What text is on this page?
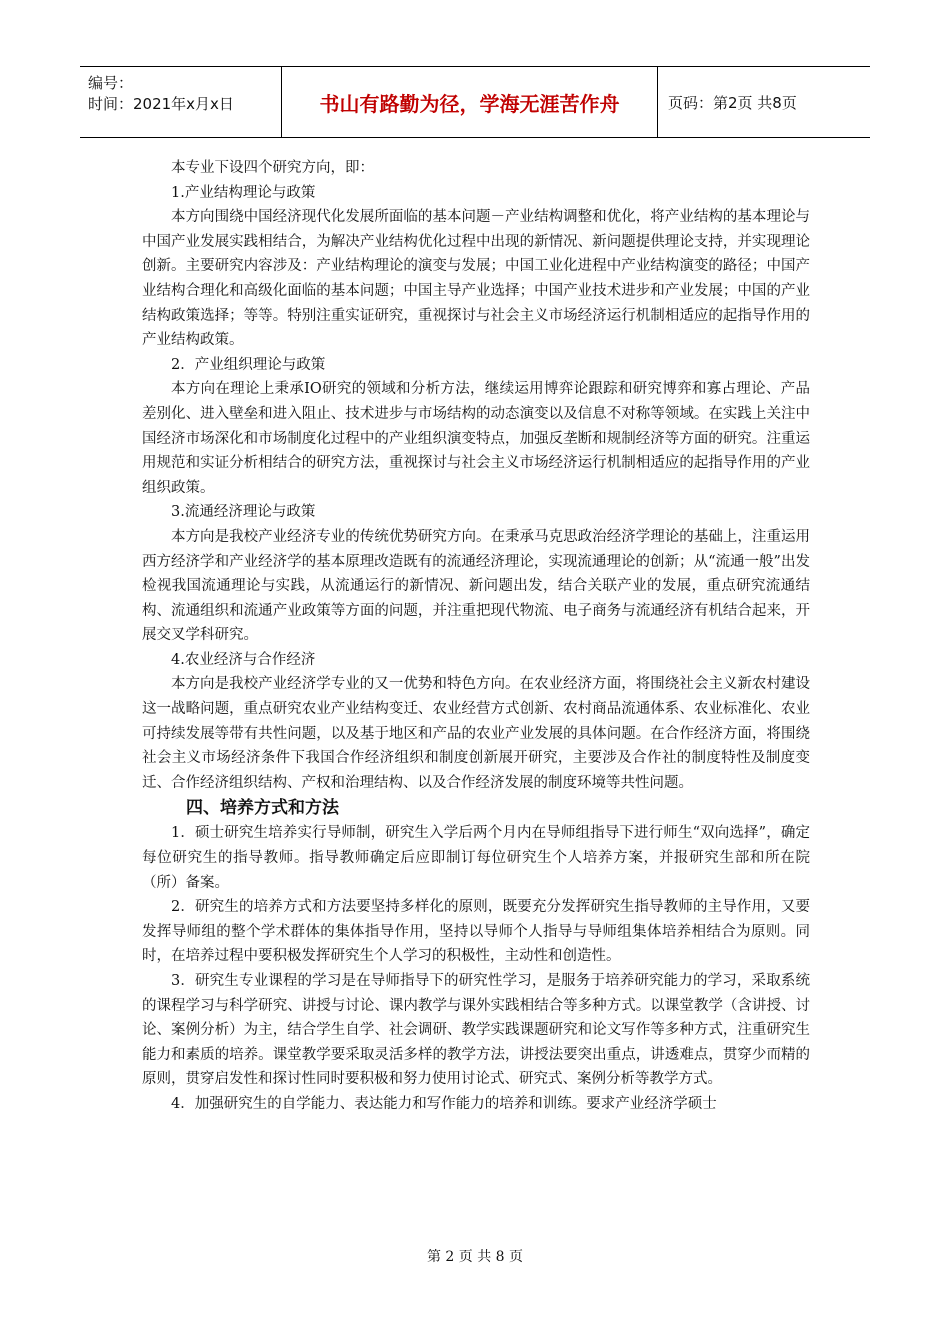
编号：
时间：2021年x月x日	书山有路勤为径，学海无涯苦作舟	页码：第2页 共8页

本专业下设四个研究方向，即：

1.产业结构理论与政策

本方向围绕中国经济现代化发展所面临的基本问题－产业结构调整和优化，将产业结构的基本理论与中国产业发展实践相结合，为解决产业结构优化过程中出现的新情况、新问题提供理论支持，并实现理论创新。主要研究内容涉及：产业结构理论的演变与发展；中国工业化进程中产业结构演变的路径；中国产业结构合理化和高级化面临的基本问题；中国主导产业选择；中国产业技术进步和产业发展；中国的产业结构政策选择；等等。特别注重实证研究，重视探讨与社会主义市场经济运行机制相适应的起指导作用的产业结构政策。

2．产业组织理论与政策

本方向在理论上秉承IO研究的领域和分析方法，继续运用博弈论跟踪和研究博弈和寡占理论、产品差别化、进入壁垒和进入阻止、技术进步与市场结构的动态演变以及信息不对称等领域。在实践上关注中国经济市场深化和市场制度化过程中的产业组织演变特点，加强反垄断和规制经济等方面的研究。注重运用规范和实证分析相结合的研究方法，重视探讨与社会主义市场经济运行机制相适应的起指导作用的产业组织政策。

3.流通经济理论与政策

本方向是我校产业经济专业的传统优势研究方向。在秉承马克思政治经济学理论的基础上，注重运用西方经济学和产业经济学的基本原理改造既有的流通经济理论，实现流通理论的创新；从“流通一般”出发检视我国流通理论与实践，从流通运行的新情况、新问题出发，结合关联产业的发展，重点研究流通结构、流通组织和流通产业政策等方面的问题，并注重把现代物流、电子商务与流通经济有机结合起来，开展交叉学科研究。

4.农业经济与合作经济

本方向是我校产业经济学专业的又一优势和特色方向。在农业经济方面，将围绕社会主义新农村建设这一战略问题，重点研究农业产业结构变迁、农业经营方式创新、农村商品流通体系、农业标准化、农业可持续发展等带有共性问题，以及基于地区和产品的农业产业发展的具体问题。在合作经济方面，将围绕社会主义市场经济条件下我国合作经济组织和制度创新展开研究，主要涉及合作社的制度特性及制度变迁、合作经济组织结构、产权和治理结构、以及合作经济发展的制度环境等共性问题。

四、培养方式和方法

1．硕士研究生培养实行导师制，研究生入学后两个月内在导师组指导下进行师生“双向选择”，确定每位研究生的指导教师。指导教师确定后应即制订每位研究生个人培养方案，并报研究生部和所在院（所）备案。

2．研究生的培养方式和方法要坚持多样化的原则，既要充分发挥研究生指导教师的主导作用，又要发挥导师组的整个学术群体的集体指导作用，坚持以导师个人指导与导师组集体培养相结合为原则。同时，在培养过程中要积极发挥研究生个人学习的积极性，主动性和创造性。

3．研究生专业课程的学习是在导师指导下的研究性学习，是服务于培养研究能力的学习，采取系统的课程学习与科学研究、讲授与讨论、课内教学与课外实践相结合等多种方式。以课堂教学（含讲授、讨论、案例分析）为主，结合学生自学、社会调研、教学实践课题研究和论文写作等多种方式，注重研究生能力和素质的培养。课堂教学要采取灵活多样的教学方法，讲授法要突出重点，讲透难点，贯穿少而精的原则，贯穿启发性和探讨性同时要积极和努力使用讨论式、研究式、案例分析等教学方式。

4．加强研究生的自学能力、表达能力和写作能力的培养和训练。要求产业经济学硕士

第 2 页 共 8 页
